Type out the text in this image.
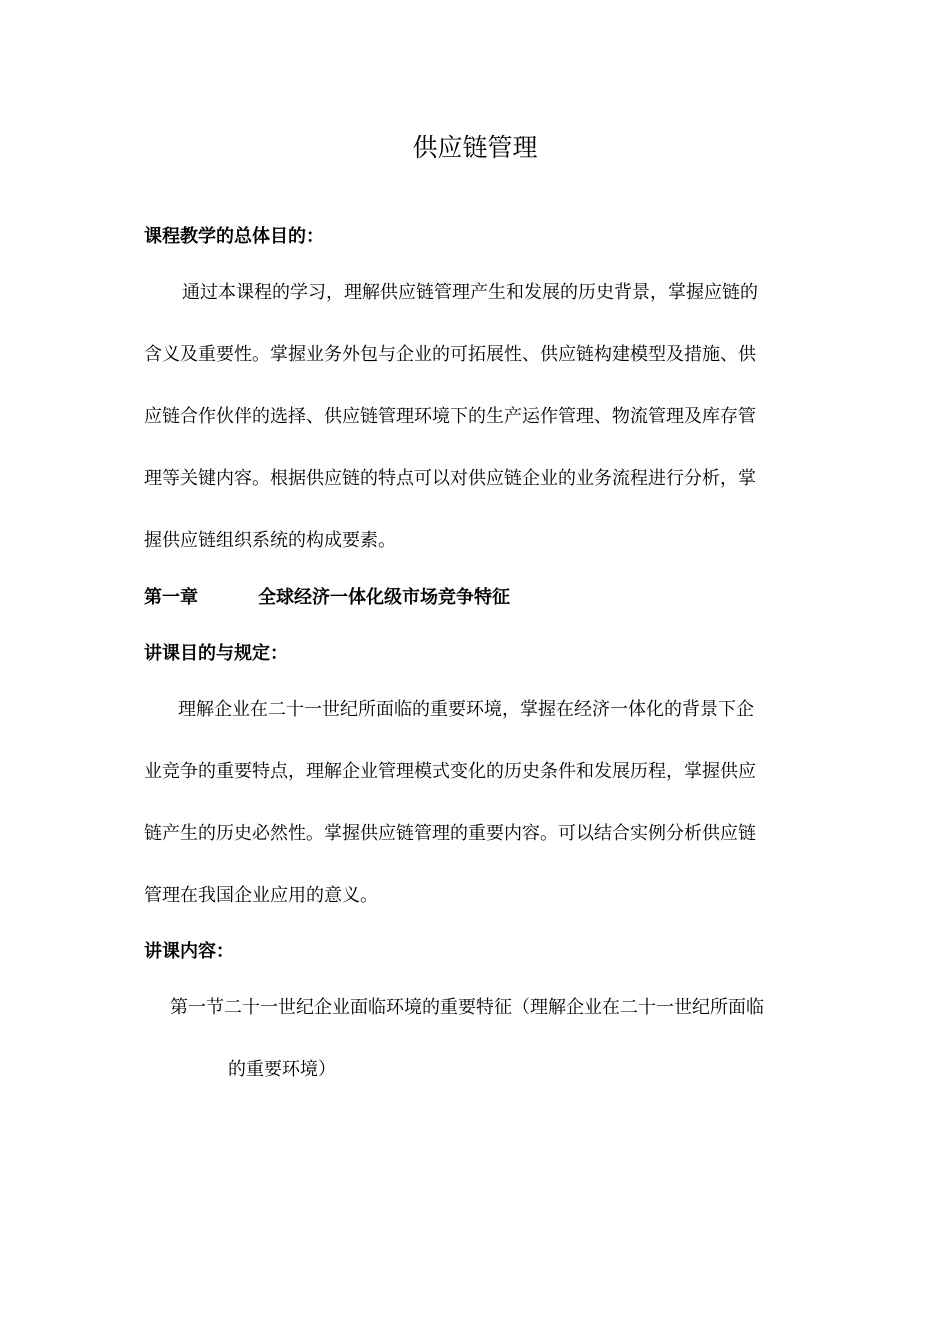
供应链管理
课程教学的总体目的：
通过本课程的学习，理解供应链管理产生和发展的历史背景，掌握应链的
含义及重要性。掌握业务外包与企业的可拓展性、供应链构建模型及措施、供
应链合作伙伴的选择、供应链管理环境下的生产运作管理、物流管理及库存管
理等关键内容。根据供应链的特点可以对供应链企业的业务流程进行分析，掌
握供应链组织系统的构成要素。
第一章	全球经济一体化级市场竞争特征
讲课目的与规定：
理解企业在二十一世纪所面临的重要环境，掌握在经济一体化的背景下企
业竞争的重要特点，理解企业管理模式变化的历史条件和发展历程，掌握供应
链产生的历史必然性。掌握供应链管理的重要内容。可以结合实例分析供应链
管理在我国企业应用的意义。
讲课内容：
第一节二十一世纪企业面临环境的重要特征（理解企业在二十一世纪所面临
的重要环境）
